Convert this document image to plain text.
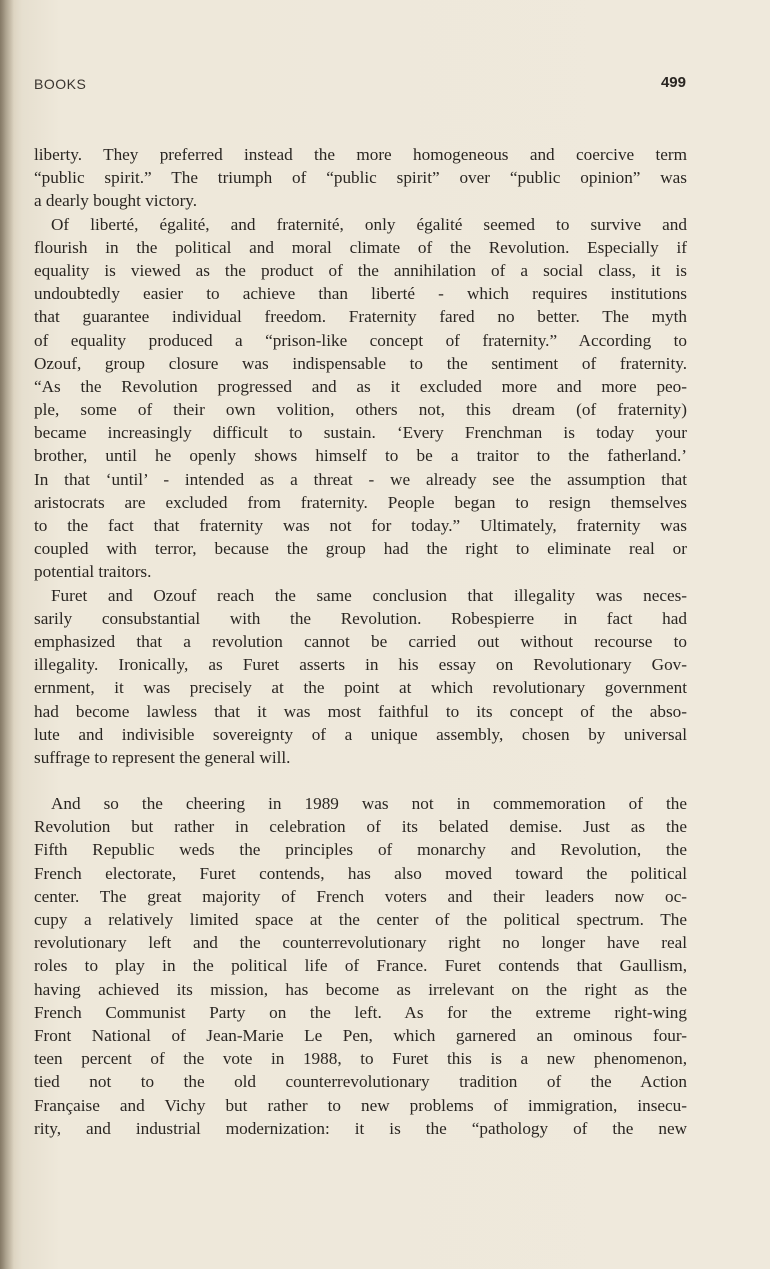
BOOKS	499
liberty. They preferred instead the more homogeneous and coercive term
“public spirit.” The triumph of “public spirit” over “public opinion” was
a dearly bought victory.
Of liberté, égalité, and fraternité, only égalité seemed to survive and
flourish in the political and moral climate of the Revolution. Especially if
equality is viewed as the product of the annihilation of a social class, it is
undoubtedly easier to achieve than liberté - which requires institutions
that guarantee individual freedom. Fraternity fared no better. The myth
of equality produced a “prison-like concept of fraternity.” According to
Ozouf, group closure was indispensable to the sentiment of fraternity.
“As the Revolution progressed and as it excluded more and more peo-
ple, some of their own volition, others not, this dream (of fraternity)
became increasingly difficult to sustain. ‘Every Frenchman is today your
brother, until he openly shows himself to be a traitor to the fatherland.’
In that ‘until’ - intended as a threat - we already see the assumption that
aristocrats are excluded from fraternity. People began to resign themselves
to the fact that fraternity was not for today.” Ultimately, fraternity was
coupled with terror, because the group had the right to eliminate real or
potential traitors.
Furet and Ozouf reach the same conclusion that illegality was neces-
sarily consubstantial with the Revolution. Robespierre in fact had
emphasized that a revolution cannot be carried out without recourse to
illegality. Ironically, as Furet asserts in his essay on Revolutionary Gov-
ernment, it was precisely at the point at which revolutionary government
had become lawless that it was most faithful to its concept of the abso-
lute and indivisible sovereignty of a unique assembly, chosen by universal
suffrage to represent the general will.
And so the cheering in 1989 was not in commemoration of the
Revolution but rather in celebration of its belated demise. Just as the
Fifth Republic weds the principles of monarchy and Revolution, the
French electorate, Furet contends, has also moved toward the political
center. The great majority of French voters and their leaders now oc-
cupy a relatively limited space at the center of the political spectrum. The
revolutionary left and the counterrevolutionary right no longer have real
roles to play in the political life of France. Furet contends that Gaullism,
having achieved its mission, has become as irrelevant on the right as the
French Communist Party on the left. As for the extreme right-wing
Front National of Jean-Marie Le Pen, which garnered an ominous four-
teen percent of the vote in 1988, to Furet this is a new phenomenon,
tied not to the old counterrevolutionary tradition of the Action
Française and Vichy but rather to new problems of immigration, insecu-
rity, and industrial modernization: it is the “pathology of the new
